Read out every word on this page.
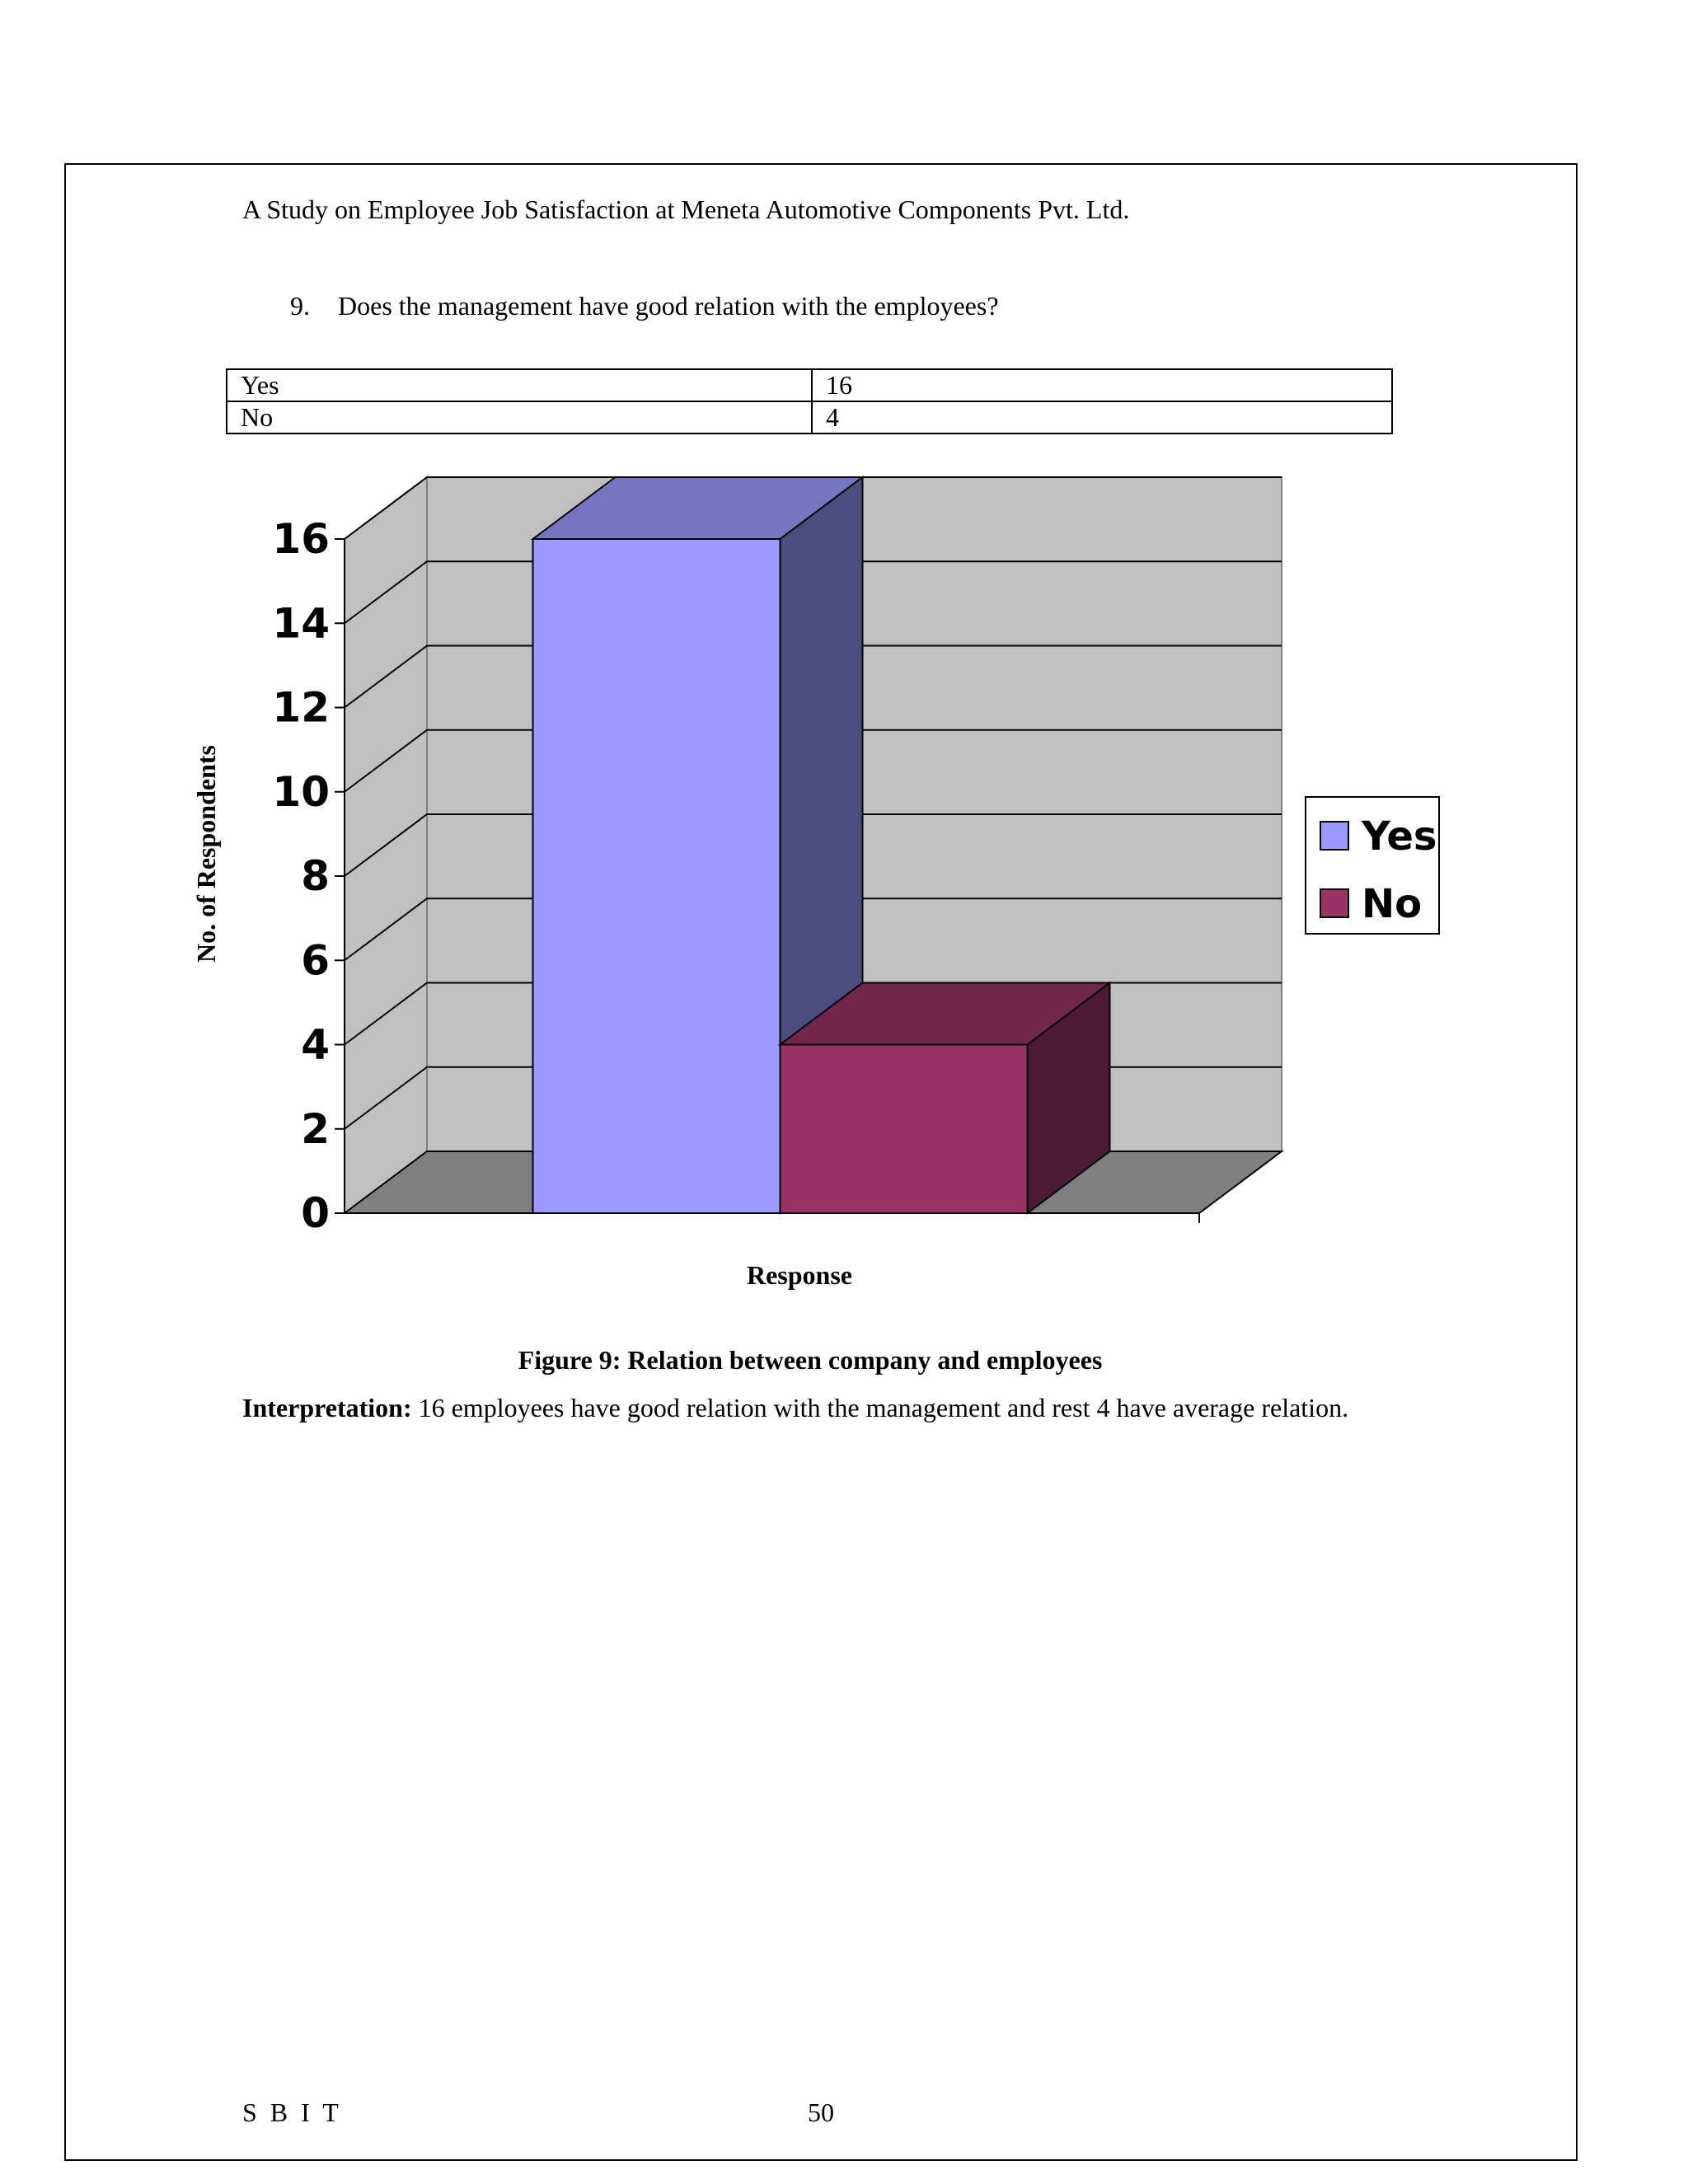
A Study on Employee Job Satisfaction at Meneta Automotive Components Pvt. Ltd.
9. Does the management have good relation with the employees?
Yes	16
No	4
0
2
4
6
8
10
12
14
16
Response
No. of Respondents	Yes
No
Figure 9: Relation between company and employees
Interpretation: 16 employees have good relation with the management and rest 4 have average relation.
S B I T	50
